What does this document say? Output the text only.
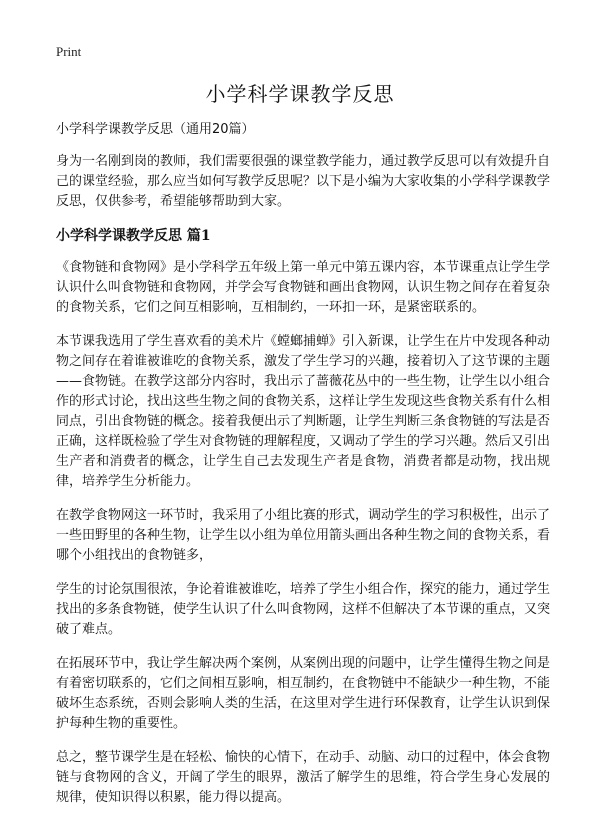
Print
小学科学课教学反思
小学科学课教学反思（通用20篇）

身为一名刚到岗的教师，我们需要很强的课堂教学能力，通过教学反思可以有效提升自己的课堂经验，那么应当如何写教学反思呢？以下是小编为大家收集的小学科学课教学反思，仅供参考，希望能够帮助到大家。

小学科学课教学反思 篇1

《食物链和食物网》是小学科学五年级上第一单元中第五课内容，本节课重点让学生学认识什么叫食物链和食物网，并学会写食物链和画出食物网，认识生物之间存在着复杂的食物关系，它们之间互相影响，互相制约，一环扣一环，是紧密联系的。

本节课我选用了学生喜欢看的美术片《螳螂捕蝉》引入新课，让学生在片中发现各种动物之间存在着谁被谁吃的食物关系，激发了学生学习的兴趣，接着切入了这节课的主题——食物链。在教学这部分内容时，我出示了蔷薇花丛中的一些生物，让学生以小组合作的形式讨论，找出这些生物之间的食物关系，这样让学生发现这些食物关系有什么相同点，引出食物链的概念。接着我便出示了判断题，让学生判断三条食物链的写法是否正确，这样既检验了学生对食物链的理解程度，又调动了学生的学习兴趣。然后又引出生产者和消费者的概念，让学生自己去发现生产者是食物，消费者都是动物，找出规律，培养学生分析能力。

在教学食物网这一环节时，我采用了小组比赛的形式，调动学生的学习积极性，出示了一些田野里的各种生物，让学生以小组为单位用箭头画出各种生物之间的食物关系，看哪个小组找出的食物链多，

学生的讨论氛围很浓，争论着谁被谁吃，培养了学生小组合作，探究的能力，通过学生找出的多条食物链，使学生认识了什么叫食物网，这样不但解决了本节课的重点，又突破了难点。

在拓展环节中，我让学生解决两个案例，从案例出现的问题中，让学生懂得生物之间是有着密切联系的，它们之间相互影响，相互制约，在食物链中不能缺少一种生物，不能破坏生态系统，否则会影响人类的生活，在这里对学生进行环保教育，让学生认识到保护每种生物的重要性。

总之，整节课学生是在轻松、愉快的心情下，在动手、动脑、动口的过程中，体会食物链与食物网的含义，开阔了学生的眼界，激活了解学生的思维，符合学生身心发展的 规律，使知识得以积累，能力得以提高。
